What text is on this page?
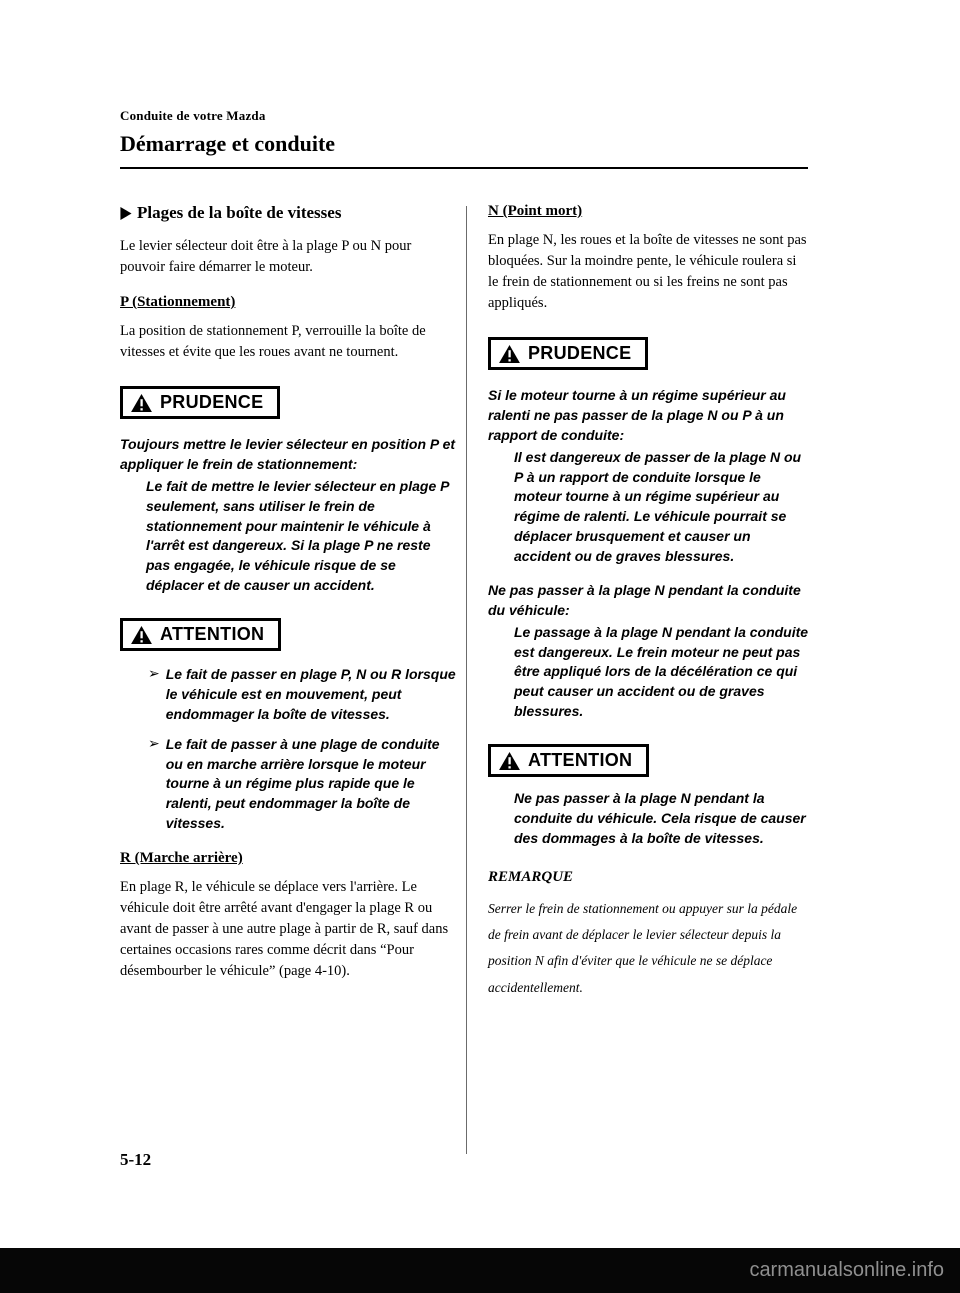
Conduite de votre Mazda
Démarrage et conduite
Plages de la boîte de vitesses

Le levier sélecteur doit être à la plage P ou N pour pouvoir faire démarrer le moteur.

P (Stationnement)

La position de stationnement P, verrouille la boîte de vitesses et évite que les roues avant ne tournent.

PRUDENCE

Toujours mettre le levier sélecteur en position P et appliquer le frein de stationnement:

Le fait de mettre le levier sélecteur en plage P seulement, sans utiliser le frein de stationnement pour maintenir le véhicule à l'arrêt est dangereux. Si la plage P ne reste pas engagée, le véhicule risque de se déplacer et de causer un accident.

ATTENTION
➢ Le fait de passer en plage P, N ou R lorsque le véhicule est en mouvement, peut endommager la boîte de vitesses.
➢ Le fait de passer à une plage de conduite ou en marche arrière lorsque le moteur tourne à un régime plus rapide que le ralenti, peut endommager la boîte de vitesses.
R (Marche arrière)

En plage R, le véhicule se déplace vers l'arrière. Le véhicule doit être arrêté avant d'engager la plage R ou avant de passer à une autre plage à partir de R, sauf dans certaines occasions rares comme décrit dans “Pour désembourber le véhicule” (page 4-10).

N (Point mort)

En plage N, les roues et la boîte de vitesses ne sont pas bloquées. Sur la moindre pente, le véhicule roulera si le frein de stationnement ou si les freins ne sont pas appliqués.

PRUDENCE

Si le moteur tourne à un régime supérieur au ralenti ne pas passer de la plage N ou P à un rapport de conduite:

Il est dangereux de passer de la plage N ou P à un rapport de conduite lorsque le moteur tourne à un régime supérieur au régime de ralenti. Le véhicule pourrait se déplacer brusquement et causer un accident ou de graves blessures.

Ne pas passer à la plage N pendant la conduite du véhicule:

Le passage à la plage N pendant la conduite est dangereux. Le frein moteur ne peut pas être appliqué lors de la décélération ce qui peut causer un accident ou de graves blessures.

ATTENTION

Ne pas passer à la plage N pendant la conduite du véhicule. Cela risque de causer des dommages à la boîte de vitesses.

REMARQUE

Serrer le frein de stationnement ou appuyer sur la pédale de frein avant de déplacer le levier sélecteur depuis la position N afin d'éviter que le véhicule ne se déplace accidentellement.

5-12
carmanualsonline.info
